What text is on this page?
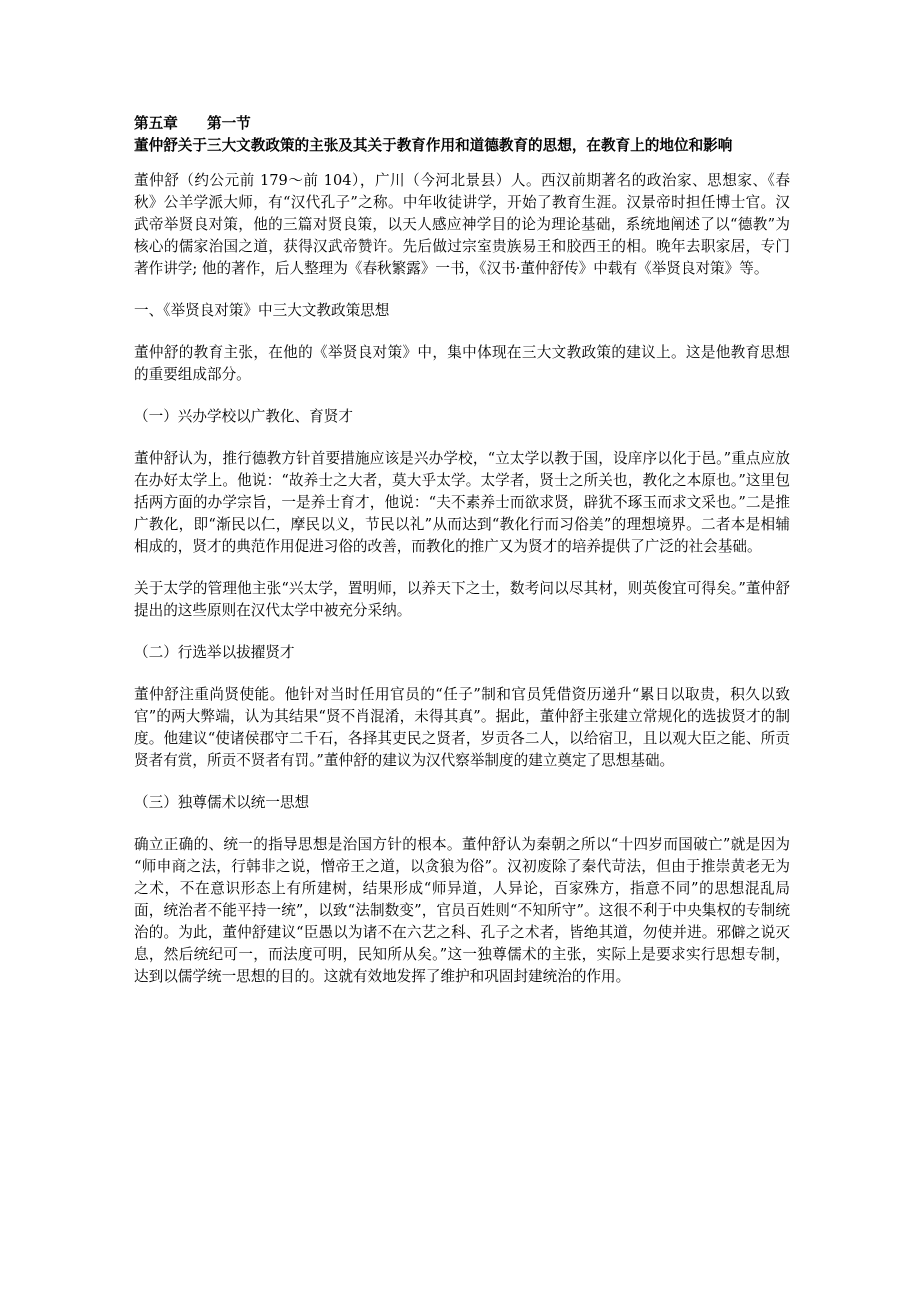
第五章　　第一节
董仲舒关于三大文教政策的主张及其关于教育作用和道德教育的思想，在教育上的地位和影响

董仲舒（约公元前 179～前 104），广川（今河北景县）人。西汉前期著名的政治家、思想家、《春秋》公羊学派大师，有“汉代孔子”之称。中年收徒讲学，开始了教育生涯。汉景帝时担任博士官。汉武帝举贤良对策，他的三篇对贤良策，以天人感应神学目的论为理论基础，系统地阐述了以“德教”为核心的儒家治国之道，获得汉武帝赞许。先后做过宗室贵族易王和胶西王的相。晚年去职家居，专门著作讲学; 他的著作，后人整理为《春秋繁露》一书，《汉书·董仲舒传》中载有《举贤良对策》等。

一、《举贤良对策》中三大文教政策思想

董仲舒的教育主张，在他的《举贤良对策》中，集中体现在三大文教政策的建议上。这是他教育思想的重要组成部分。

（一）兴办学校以广教化、育贤才

董仲舒认为，推行德教方针首要措施应该是兴办学校，“立太学以教于国，设庠序以化于邑。”重点应放在办好太学上。他说：“故养士之大者，莫大乎太学。太学者，贤士之所关也，教化之本原也。”这里包括两方面的办学宗旨，一是养士育才，他说：“夫不素养士而欲求贤，辟犹不琢玉而求文采也。”二是推广教化，即“渐民以仁，摩民以义，节民以礼”从而达到“教化行而习俗美”的理想境界。二者本是相辅相成的，贤才的典范作用促进习俗的改善，而教化的推广又为贤才的培养提供了广泛的社会基础。

关于太学的管理他主张“兴太学，置明师，以养天下之士，数考问以尽其材，则英俊宜可得矣。”董仲舒提出的这些原则在汉代太学中被充分采纳。

（二）行选举以拔擢贤才

董仲舒注重尚贤使能。他针对当时任用官员的“任子”制和官员凭借资历递升“累日以取贵，积久以致官”的两大弊端，认为其结果“贤不肖混淆，未得其真”。据此，董仲舒主张建立常规化的选拔贤才的制度。他建议“使诸侯郡守二千石，各择其吏民之贤者，岁贡各二人，以给宿卫，且以观大臣之能、所贡贤者有赏，所贡不贤者有罚。”董仲舒的建议为汉代察举制度的建立奠定了思想基础。

（三）独尊儒术以统一思想

确立正确的、统一的指导思想是治国方针的根本。董仲舒认为秦朝之所以“十四岁而国破亡”就是因为“师申商之法，行韩非之说，憎帝王之道，以贪狼为俗”。汉初废除了秦代苛法，但由于推崇黄老无为之术，不在意识形态上有所建树，结果形成“师异道，人异论，百家殊方，指意不同”的思想混乱局面，统治者不能平持一统”，以致“法制数变”，官员百姓则“不知所守”。这很不利于中央集权的专制统治的。为此，董仲舒建议“臣愚以为诸不在六艺之科、孔子之术者，皆绝其道，勿使并进。邪僻之说灭息，然后统纪可一，而法度可明，民知所从矣。”这一独尊儒术的主张，实际上是要求实行思想专制，达到以儒学统一思想的目的。这就有效地发挥了维护和巩固封建统治的作用。
